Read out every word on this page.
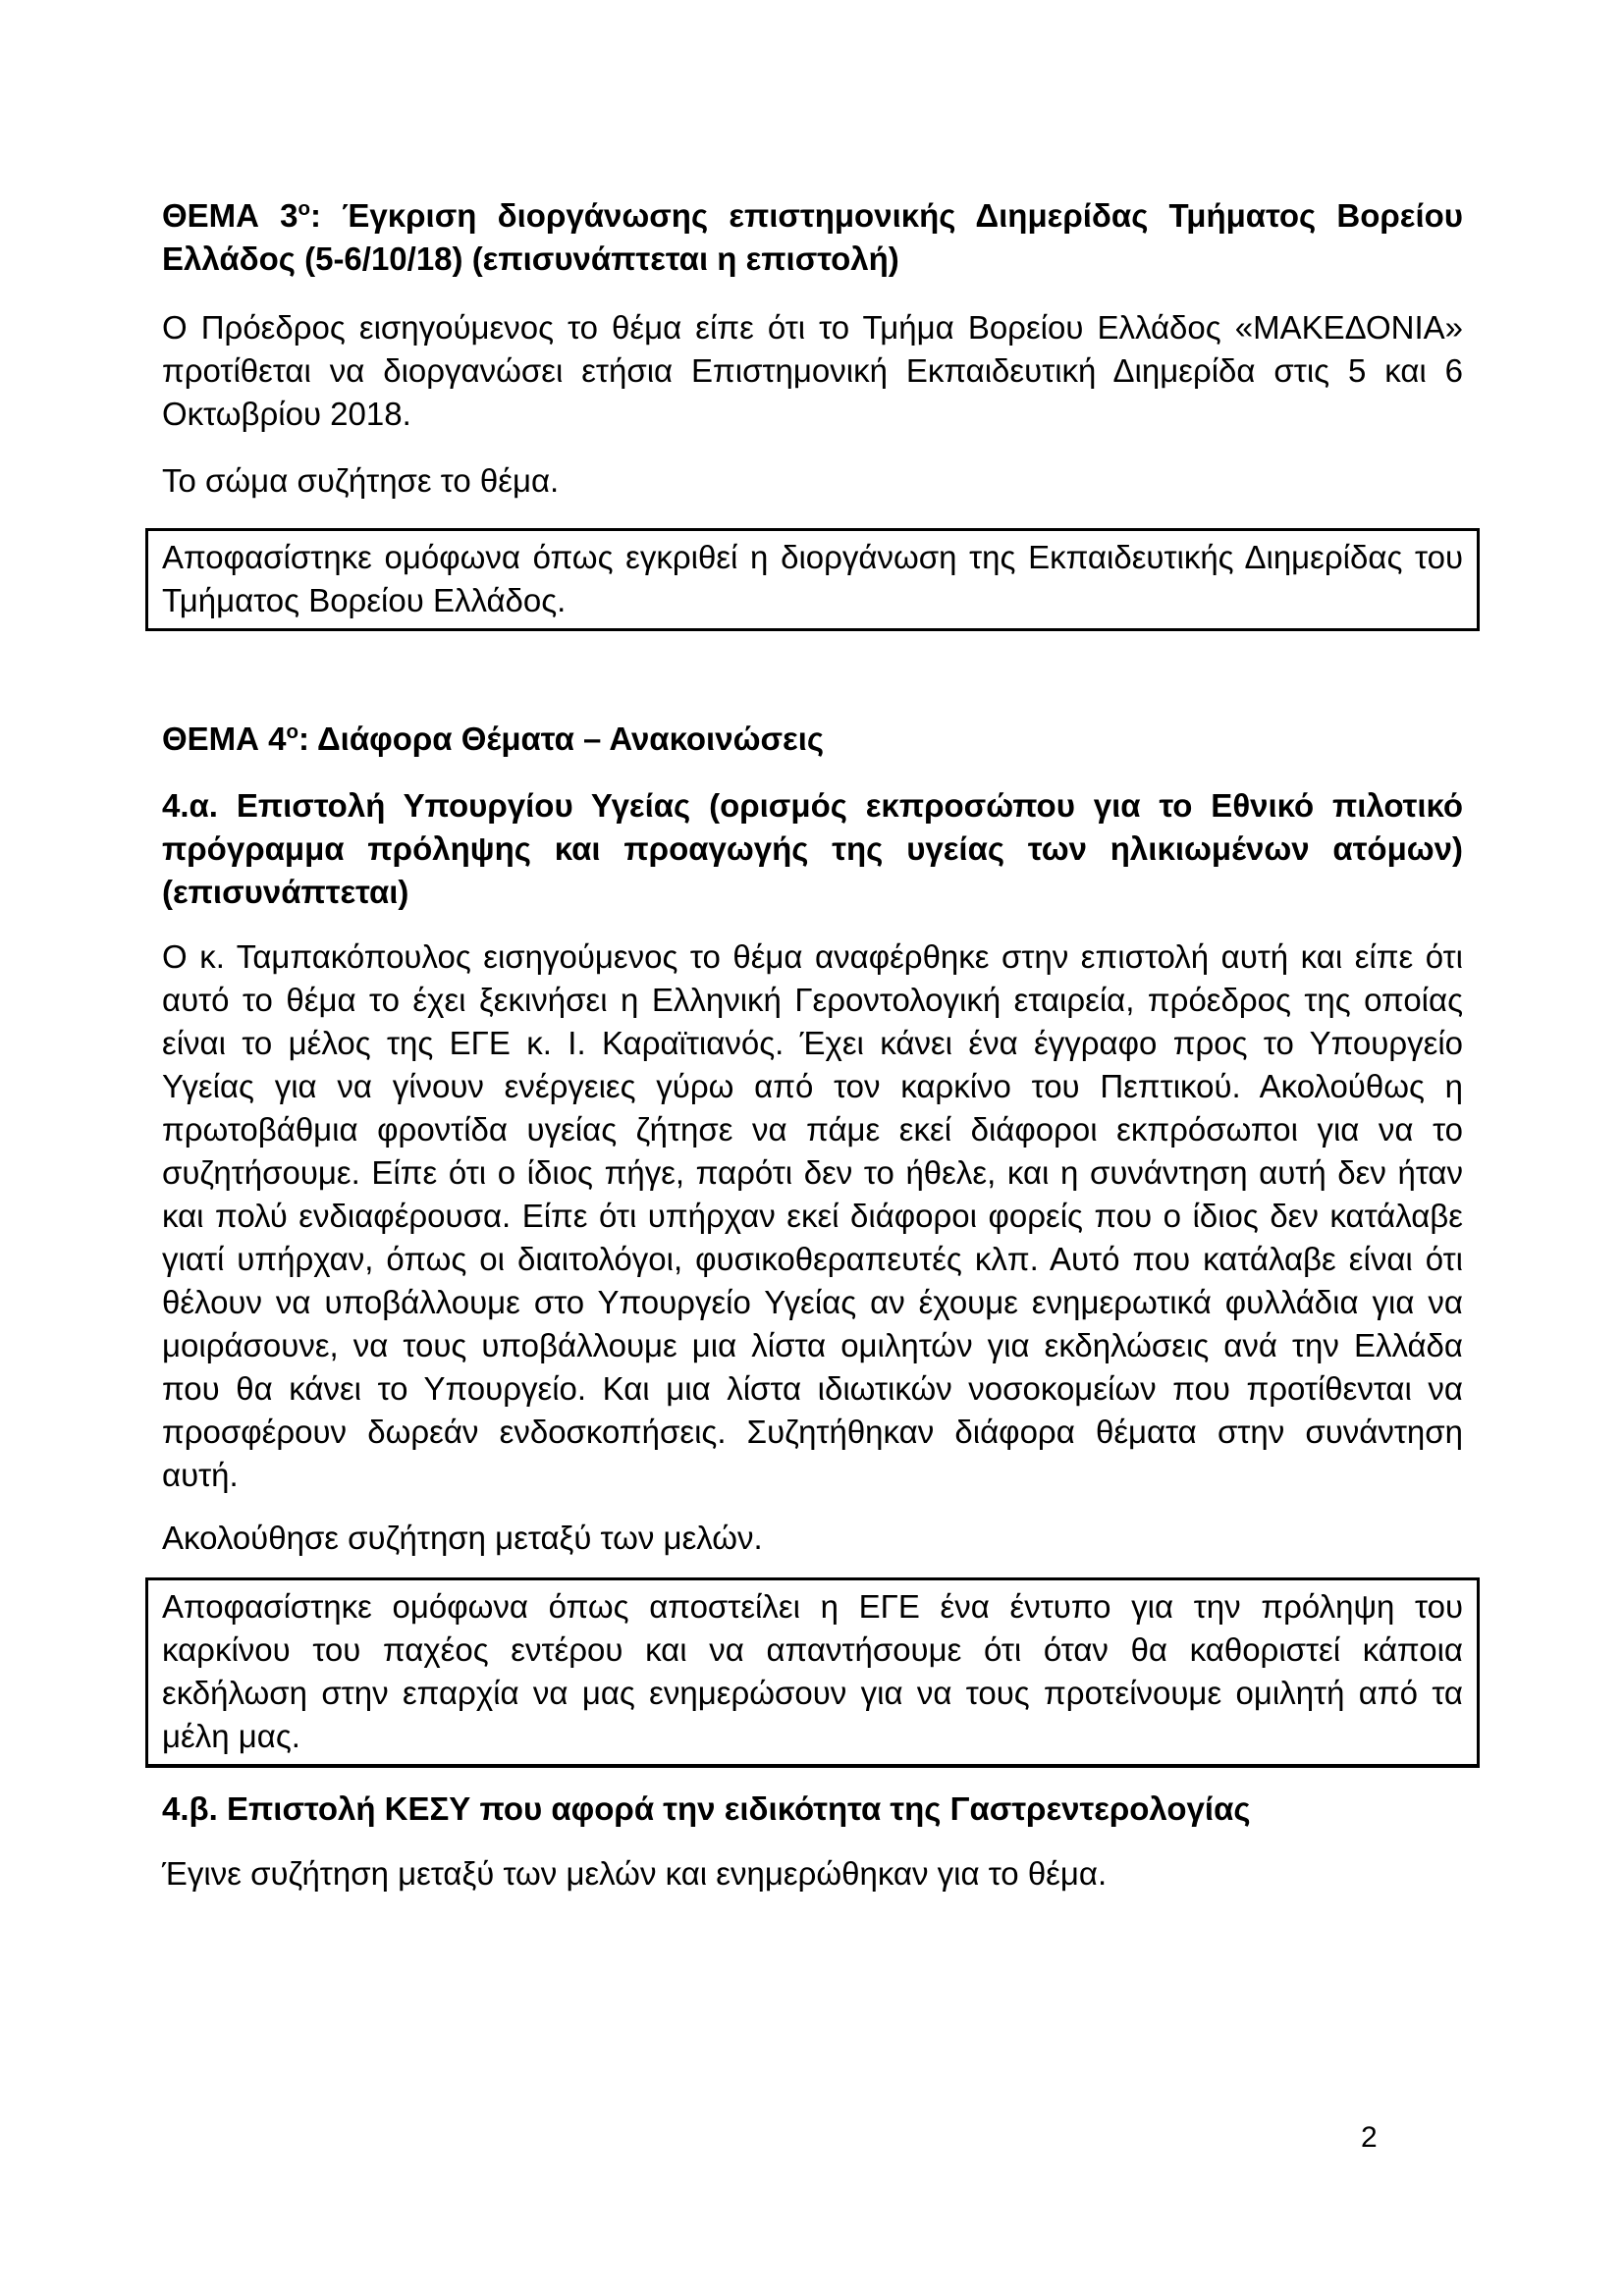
ΘΕΜΑ $3^o$: Έγκριση διοργάνωσης επιστημονικής Διημερίδας Τμήματος Βορείου Ελλάδος (5-6/10/18) (επισυνάπτεται η επιστολή)

Ο Πρόεδρος εισηγούμενος το θέμα είπε ότι το Τμήμα Βορείου Ελλάδος «ΜΑΚΕΔΟΝΙΑ» προτίθεται να διοργανώσει ετήσια Επιστημονική Εκπαιδευτική Διημερίδα στις 5 και 6 Οκτωβρίου 2018.

Το σώμα συζήτησε το θέμα.

Αποφασίστηκε ομόφωνα όπως εγκριθεί η διοργάνωση της Εκπαιδευτικής Διημερίδας του Τμήματος Βορείου Ελλάδος.

ΘΕΜΑ $4^o$: Διάφορα Θέματα – Ανακοινώσεις
4.α. Επιστολή Υπουργίου Υγείας (ορισμός εκπροσώπου για το Εθνικό πιλοτικό πρόγραμμα πρόληψης και προαγωγής της υγείας των ηλικιωμένων ατόμων) (επισυνάπτεται)

Ο κ. Ταμπακόπουλος εισηγούμενος το θέμα αναφέρθηκε στην επιστολή αυτή και είπε ότι αυτό το θέμα το έχει ξεκινήσει η Ελληνική Γεροντολογική εταιρεία, πρόεδρος της οποίας είναι το μέλος της ΕΓΕ κ. Ι. Καραϊτιανός. Έχει κάνει ένα έγγραφο προς το Υπουργείο Υγείας για να γίνουν ενέργειες γύρω από τον καρκίνο του Πεπτικού. Ακολούθως η πρωτοβάθμια φροντίδα υγείας ζήτησε να πάμε εκεί διάφοροι εκπρόσωποι για να το συζητήσουμε. Είπε ότι ο ίδιος πήγε, παρότι δεν το ήθελε, και η συνάντηση αυτή δεν ήταν και πολύ ενδιαφέρουσα. Είπε ότι υπήρχαν εκεί διάφοροι φορείς που ο ίδιος δεν κατάλαβε γιατί υπήρχαν, όπως οι διαιτολόγοι, φυσικοθεραπευτές κλπ. Αυτό που κατάλαβε είναι ότι θέλουν να υποβάλλουμε στο Υπουργείο Υγείας αν έχουμε ενημερωτικά φυλλάδια για να μοιράσουνε, να τους υποβάλλουμε μια λίστα ομιλητών για εκδηλώσεις ανά την Ελλάδα που θα κάνει το Υπουργείο. Και μια λίστα ιδιωτικών νοσοκομείων που προτίθενται να προσφέρουν δωρεάν ενδοσκοπήσεις. Συζητήθηκαν διάφορα θέματα στην συνάντηση αυτή.

Ακολούθησε συζήτηση μεταξύ των μελών.

Αποφασίστηκε ομόφωνα όπως αποστείλει η ΕΓΕ ένα έντυπο για την πρόληψη του καρκίνου του παχέος εντέρου και να απαντήσουμε ότι όταν θα καθοριστεί κάποια εκδήλωση στην επαρχία να μας ενημερώσουν για να τους προτείνουμε ομιλητή από τα μέλη μας.

4.β. Επιστολή ΚΕΣΥ που αφορά την ειδικότητα της Γαστρεντερολογίας

Έγινε συζήτηση μεταξύ των μελών και ενημερώθηκαν για το θέμα.

2
